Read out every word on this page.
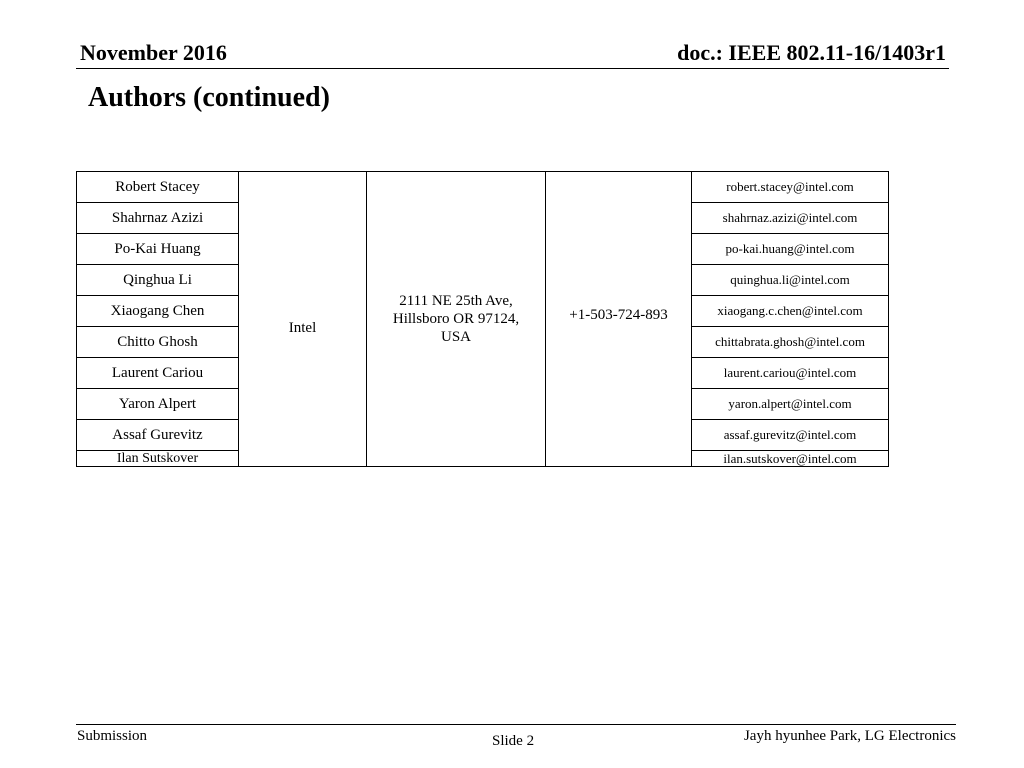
November 2016	doc.: IEEE 802.11-16/1403r1
Authors (continued)
Robert Stacey	Intel	2111 NE 25th Ave, Hillsboro OR 97124, USA	+1-503-724-893	robert.stacey@intel.com
Shahrnaz Azizi				shahrnaz.azizi@intel.com
Po-Kai Huang				po-kai.huang@intel.com
Qinghua Li				quinghua.li@intel.com
Xiaogang Chen				xiaogang.c.chen@intel.com
Chitto Ghosh				chittabrata.ghosh@intel.com
Laurent Cariou				laurent.cariou@intel.com
Yaron Alpert				yaron.alpert@intel.com
Assaf Gurevitz				assaf.gurevitz@intel.com
Ilan Sutskover				ilan.sutskover@intel.com
Submission	Slide 2	Jayh hyunhee Park, LG Electronics
